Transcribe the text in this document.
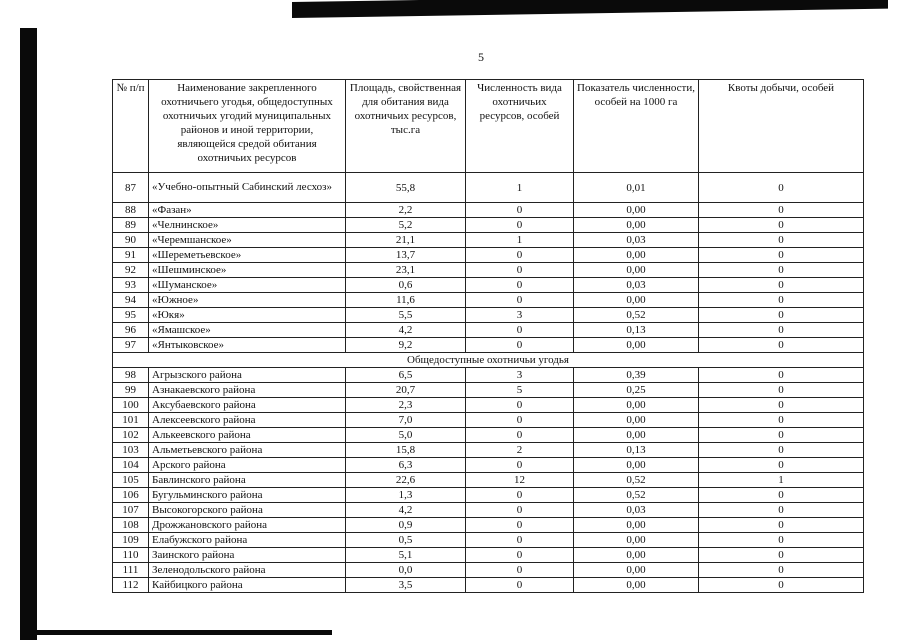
5
№ п/п	Наименование закрепленного охотничьего угодья, общедоступных охотничьих угодий муниципальных районов и иной территории, являющейся средой обитания охотничьих ресурсов	Площадь, свойственная для обитания вида охотничьих ресурсов, тыс.га	Численность вида охотничьих ресурсов, особей	Показатель численности, особей на 1000 га	Квоты добычи, особей
87	«Учебно-опытный Сабинский лесхоз»	55,8	1	0,01	0
88	«Фазан»	2,2	0	0,00	0
89	«Челнинское»	5,2	0	0,00	0
90	«Черемшанское»	21,1	1	0,03	0
91	«Шереметьевское»	13,7	0	0,00	0
92	«Шешминское»	23,1	0	0,00	0
93	«Шуманское»	0,6	0	0,03	0
94	«Южное»	11,6	0	0,00	0
95	«Юкя»	5,5	3	0,52	0
96	«Ямашское»	4,2	0	0,13	0
97	«Янтыковское»	9,2	0	0,00	0
Общедоступные охотничьи угодья					
98	Агрызского района	6,5	3	0,39	0
99	Азнакаевского района	20,7	5	0,25	0
100	Аксубаевского района	2,3	0	0,00	0
101	Алексеевского района	7,0	0	0,00	0
102	Алькеевского района	5,0	0	0,00	0
103	Альметьевского района	15,8	2	0,13	0
104	Арского района	6,3	0	0,00	0
105	Бавлинского района	22,6	12	0,52	1
106	Бугульминского района	1,3	0	0,52	0
107	Высокогорского района	4,2	0	0,03	0
108	Дрожжановского района	0,9	0	0,00	0
109	Елабужского района	0,5	0	0,00	0
110	Заинского района	5,1	0	0,00	0
111	Зеленодольского района	0,0	0	0,00	0
112	Кайбицкого района	3,5	0	0,00	0
